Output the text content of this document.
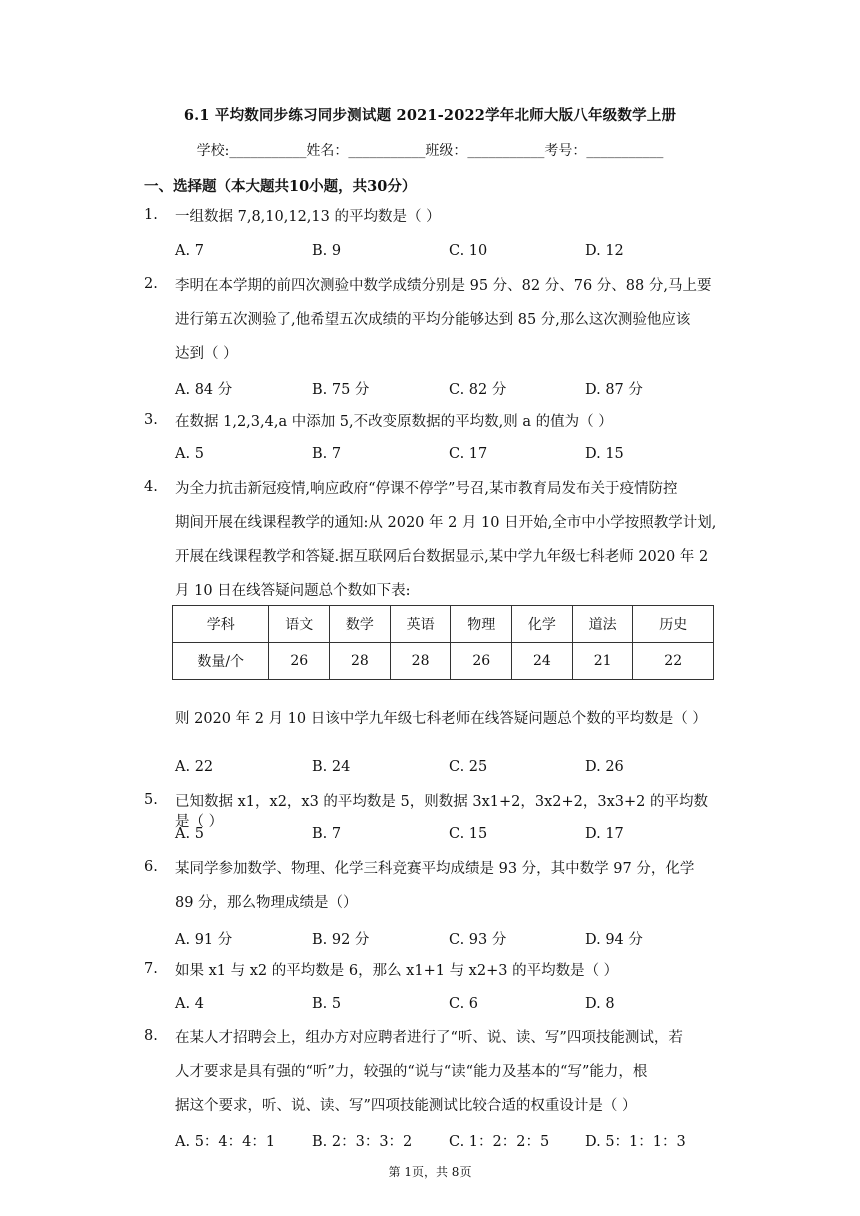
6.1 平均数同步练习同步测试题 2021-2022学年北师大版八年级数学上册
学校:___________姓名：___________班级：___________考号：___________
一、选择题（本大题共10小题，共30分）
1. 一组数据 7,8,10,12,13 的平均数是（ ）
A. 7	B. 9	C. 10	D. 12
2. 李明在本学期的前四次测验中数学成绩分别是 95 分、82 分、76 分、88 分,马上要
进行第五次测验了,他希望五次成绩的平均分能够达到 85 分,那么这次测验他应该
达到（ ）
A. 84 分	B. 75 分	C. 82 分	D. 87 分
3. 在数据 1,2,3,4,a 中添加 5,不改变原数据的平均数,则 a 的值为（ ）
A. 5	B. 7	C. 17	D. 15
4. 为全力抗击新冠疫情,响应政府“停课不停学”号召,某市教育局发布关于疫情防控
期间开展在线课程教学的通知:从 2020 年 2 月 10 日开始,全市中小学按照教学计划,
开展在线课程教学和答疑.据互联网后台数据显示,某中学九年级七科老师 2020 年 2
月 10 日在线答疑问题总个数如下表:
学科	语文	数学	英语	物理	化学	道法	历史
数量/个	26	28	28	26	24	21	22
则 2020 年 2 月 10 日该中学九年级七科老师在线答疑问题总个数的平均数是（ ）
A. 22	B. 24	C. 25	D. 26
5. 已知数据 x1，x2，x3 的平均数是 5，则数据 3x1+2，3x2+2，3x3+2 的平均数是（ ）
A. 5	B. 7	C. 15	D. 17
6. 某同学参加数学、物理、化学三科竞赛平均成绩是 93 分，其中数学 97 分，化学
89 分，那么物理成绩是（）
A. 91 分	B. 92 分	C. 93 分	D. 94 分
7. 如果 x1 与 x2 的平均数是 6，那么 x1+1 与 x2+3 的平均数是（ ）
A. 4	B. 5	C. 6	D. 8
8. 在某人才招聘会上，组办方对应聘者进行了“听、说、读、写”四项技能测试，若
人才要求是具有强的“听”力，较强的“说与“读“能力及基本的“写”能力，根
据这个要求，听、说、读、写”四项技能测试比较合适的权重设计是（ ）
A. 5：4：4：1	B. 2：3：3：2	C. 1：2：2：5 D. 5：1：1：3
第 1页，共 8页
